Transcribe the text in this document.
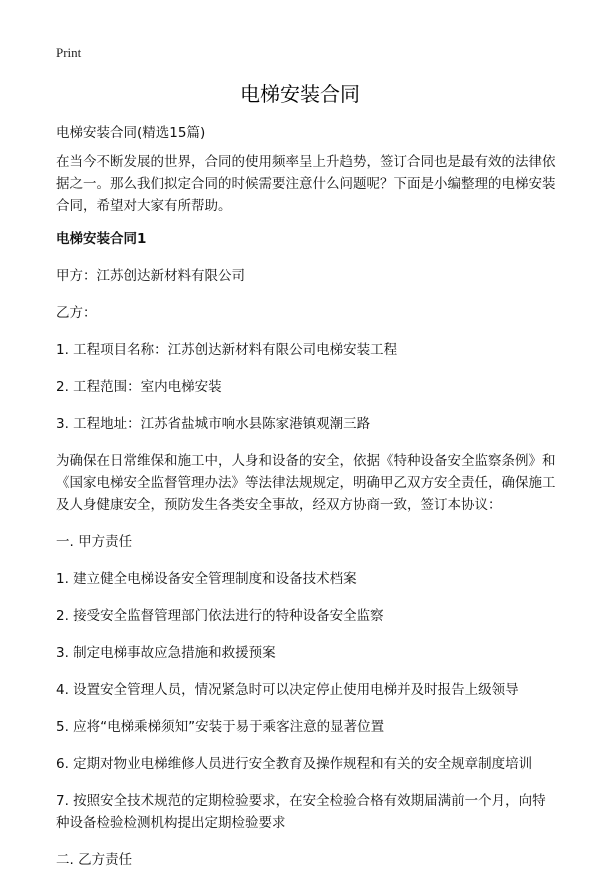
Print
电梯安装合同

电梯安装合同(精选15篇)

在当今不断发展的世界，合同的使用频率呈上升趋势，签订合同也是最有效的法律依据之一。那么我们拟定合同的时候需要注意什么问题呢？下面是小编整理的电梯安装合同，希望对大家有所帮助。

电梯安装合同1

甲方：江苏创达新材料有限公司

乙方：

1. 工程项目名称：江苏创达新材料有限公司电梯安装工程

2. 工程范围：室内电梯安装

3. 工程地址：江苏省盐城市响水县陈家港镇观潮三路

为确保在日常维保和施工中，人身和设备的安全，依据《特种设备安全监察条例》和《国家电梯安全监督管理办法》等法律法规规定，明确甲乙双方安全责任，确保施工及人身健康安全，预防发生各类安全事故，经双方协商一致，签订本协议：

一. 甲方责任

1. 建立健全电梯设备安全管理制度和设备技术档案

2. 接受安全监督管理部门依法进行的特种设备安全监察

3. 制定电梯事故应急措施和救援预案

4. 设置安全管理人员，情况紧急时可以决定停止使用电梯并及时报告上级领导

5. 应将“电梯乘梯须知”安装于易于乘客注意的显著位置

6. 定期对物业电梯维修人员进行安全教育及操作规程和有关的安全规章制度培训

7. 按照安全技术规范的定期检验要求，在安全检验合格有效期届满前一个月，向特种设备检验检测机构提出定期检验要求

二. 乙方责任
